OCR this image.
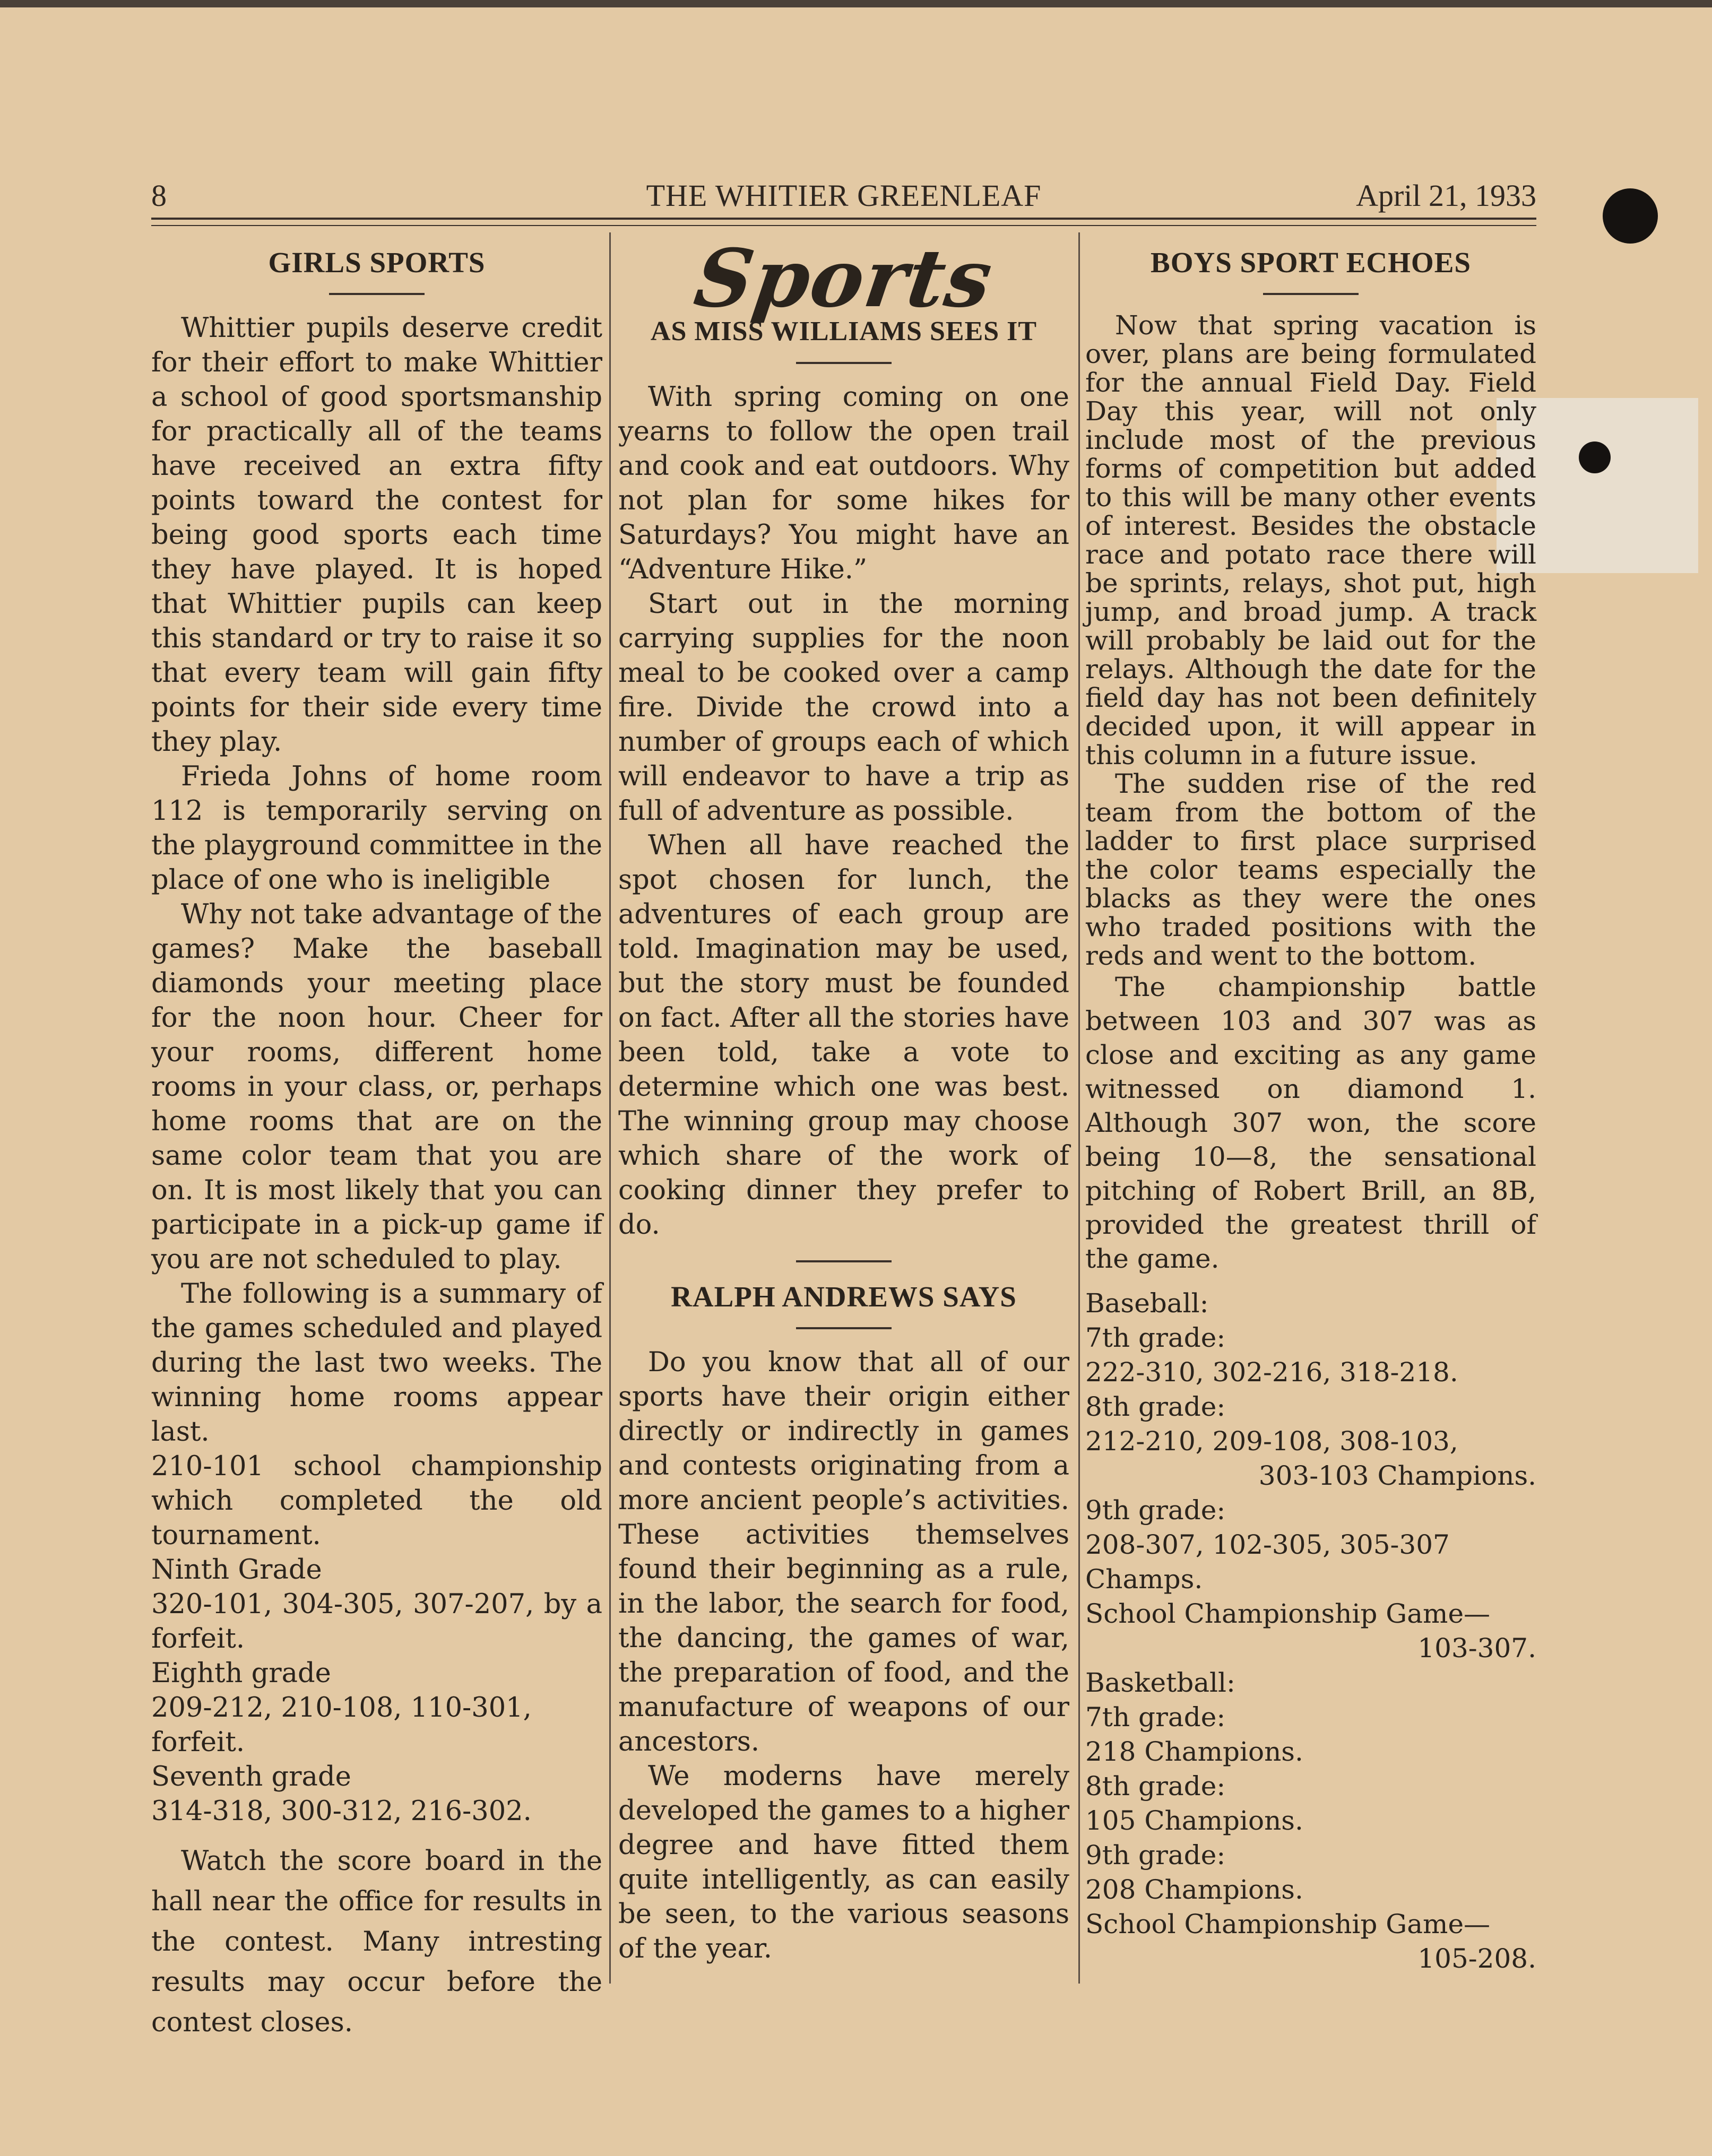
8	THE WHITIER GREENLEAF	April 21, 1933
GIRLS SPORTS

Whittier pupils deserve credit for their effort to make Whittier a school of good sportsmanship for practically all of the teams have received an extra fifty points toward the contest for being good sports each time they have played. It is hoped that Whittier pupils can keep this standard or try to raise it so that every team will gain fifty points for their side every time they play.

Frieda Johns of home room 112 is temporarily serving on the playground committee in the place of one who is ineligible

Why not take advantage of the games? Make the baseball diamonds your meeting place for the noon hour. Cheer for your rooms, different home rooms in your class, or, perhaps home rooms that are on the same color team that you are on. It is most likely that you can participate in a pick-up game if you are not scheduled to play.

The following is a summary of the games scheduled and played during the last two weeks. The winning home rooms appear last.

210-101 school championship which completed the old tournament.

Ninth Grade

320-101, 304-305, 307-207, by a forfeit.

Eighth grade

209-212, 210-108, 110-301, forfeit.

Seventh grade

314-318, 300-312, 216-302.

Watch the score board in the hall near the office for results in the contest. Many intresting results may occur before the contest closes.

Sports
AS MISS WILLIAMS SEES IT

With spring coming on one yearns to follow the open trail and cook and eat outdoors. Why not plan for some hikes for Saturdays? You might have an “Adventure Hike.”

Start out in the morning carrying supplies for the noon meal to be cooked over a camp fire. Divide the crowd into a number of groups each of which will endeavor to have a trip as full of adventure as possible.

When all have reached the spot chosen for lunch, the adventures of each group are told. Imagination may be used, but the story must be founded on fact. After all the stories have been told, take a vote to determine which one was best. The winning group may choose which share of the work of cooking dinner they prefer to do.

RALPH ANDREWS SAYS

Do you know that all of our sports have their origin either directly or indirectly in games and contests originating from a more ancient people’s activities. These activities themselves found their beginning as a rule, in the labor, the search for food, the dancing, the games of war, the preparation of food, and the manufacture of weapons of our ancestors.

We moderns have merely developed the games to a higher degree and have fitted them quite intelligently, as can easily be seen, to the various seasons of the year.

BOYS SPORT ECHOES

Now that spring vacation is over, plans are being formulated for the annual Field Day. Field Day this year, will not only include most of the previous forms of competition but added to this will be many other events of interest. Besides the obstacle race and potato race there will be sprints, relays, shot put, high jump, and broad jump. A track will probably be laid out for the relays. Although the date for the field day has not been definitely decided upon, it will appear in this column in a future issue.

The sudden rise of the red team from the bottom of the ladder to first place surprised the color teams especially the blacks as they were the ones who traded positions with the reds and went to the bottom.

The championship battle between 103 and 307 was as close and exciting as any game witnessed on diamond 1. Although 307 won, the score being 10—8, the sensational pitching of Robert Brill, an 8B, provided the greatest thrill of the game.

Baseball:

7th grade:

222-310, 302-216, 318-218.

8th grade:

212-210, 209-108, 308-103,

303-103 Champions.

9th grade:

208-307, 102-305, 305-307 Champs.

School Championship Game—

103-307.

Basketball:

7th grade:

218 Champions.

8th grade:

105 Champions.

9th grade:

208 Champions.

School Championship Game—

105-208.
